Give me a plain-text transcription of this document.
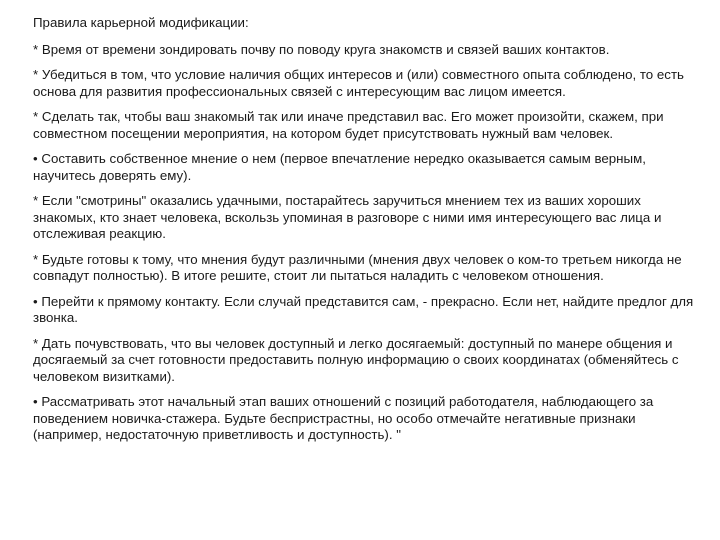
Правила карьерной модификации:

* Время от времени зондировать почву по поводу круга знакомств и связей ваших контактов.

* Убедиться в том, что условие наличия общих интересов и (или) совместного опыта соблюдено, то есть основа для развития профессиональных связей с интересующим вас лицом имеется.

* Сделать так, чтобы ваш знакомый так или иначе представил вас. Его может произойти, скажем, при совместном посещении мероприятия, на котором будет присутствовать нужный вам человек.

• Составить собственное мнение о нем (первое впечатление нередко оказывается самым верным, научитесь доверять ему).

* Если "смотрины" оказались удачными, постарайтесь заручиться мнением тех из ваших хороших знакомых, кто знает человека, вскользь упоминая в разговоре с ними имя интересующего вас лица и отслеживая реакцию.

* Будьте готовы к тому, что мнения будут различными (мнения двух человек о ком-то третьем никогда не совпадут полностью). В итоге решите, стоит ли пытаться наладить с человеком отношения.

• Перейти к прямому контакту. Если случай представится сам, - прекрасно. Если нет, найдите предлог для звонка.

* Дать почувствовать, что вы человек доступный и легко досягаемый: доступный по манере общения и досягаемый за счет готовности предоставить полную информацию о своих координатах (обменяйтесь с человеком визитками).

• Рассматривать этот начальный этап ваших отношений с позиций работодателя, наблюдающего за поведением новичка-стажера. Будьте беспристрастны, но особо отмечайте негативные признаки (например, недостаточную приветливость и доступность). "
